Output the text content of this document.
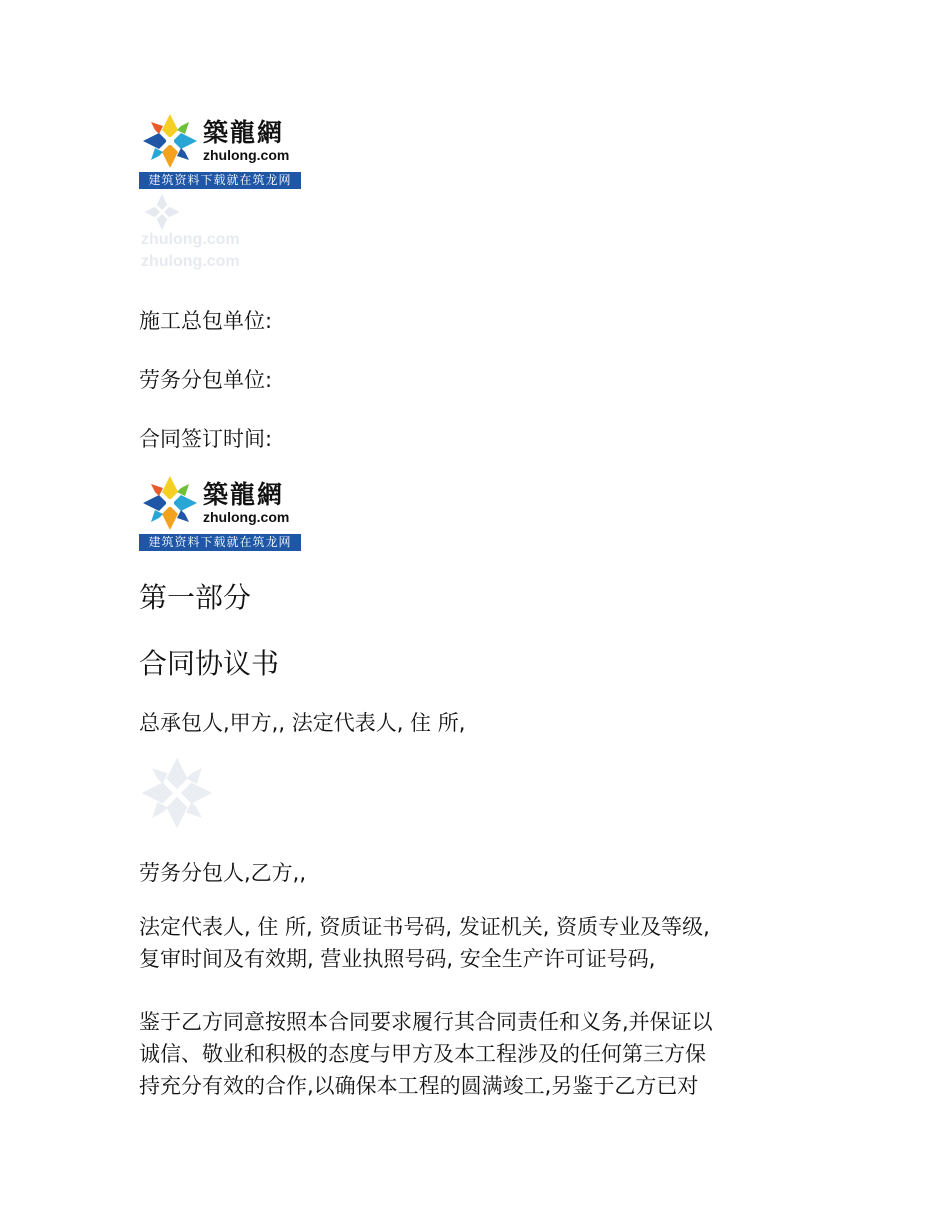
築龍網
zhulong.com
建筑资料下载就在筑龙网
zhulong.com
zhulong.com
施工总包单位:
劳务分包单位:
合同签订时间:
築龍網
zhulong.com
建筑资料下载就在筑龙网
第一部分
合同协议书
总承包人,甲方,, 法定代表人, 住 所,
劳务分包人,乙方,,
法定代表人, 住 所, 资质证书号码, 发证机关, 资质专业及等级,
复审时间及有效期, 营业执照号码, 安全生产许可证号码,
鉴于乙方同意按照本合同要求履行其合同责任和义务,并保证以
诚信、敬业和积极的态度与甲方及本工程涉及的任何第三方保
持充分有效的合作,以确保本工程的圆满竣工,另鉴于乙方已对
